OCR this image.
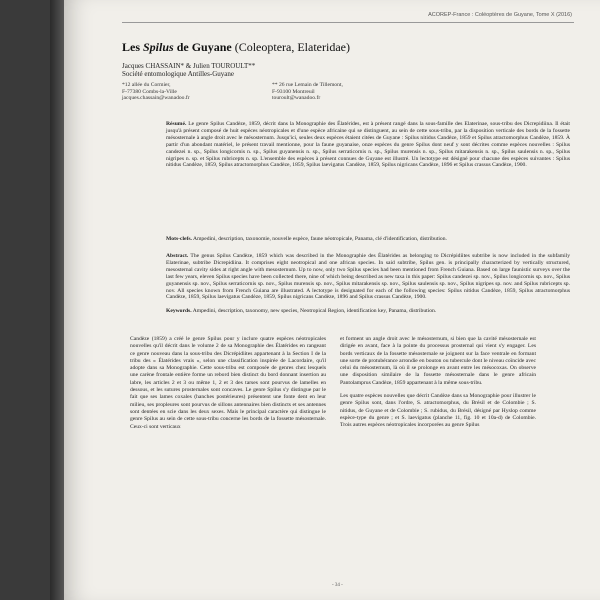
ACOREP-France : Coléoptères de Guyane, Tome X (2016)
Les Spilus de Guyane (Coleoptera, Elateridae)
Jacques CHASSAIN* & Julien TOUROULT**
Société entomologique Antilles-Guyane
*12 allée du Cormier,
F-77380 Combs-la-Ville
jacques.chassain@wanadoo.fr
** 26 rue Lemain de Tillemont,
F-93100 Montreuil
touroult@wanadoo.fr
Résumé. Le genre Spilus Candèze, 1859, décrit dans la Monographie des Élatérides, est à présent rangé dans la sous-famille des Elaterinae, sous-tribu des Dicrepidiina. Il était jusqu'à présent composé de huit espèces néotropicales et d'une espèce africaine qui se distinguent, au sein de cette sous-tribu, par la disposition verticale des bords de la fossette mésosternale à angle droit avec le mésosternum. Jusqu'ici, seules deux espèces étaient citées de Guyane : Spilus nitidus Candèze, 1859 et Spilus atractomorphus Candèze, 1859. À partir d'un abondant matériel, le présent travail mentionne, pour la faune guyanaise, onze espèces du genre Spilus dont neuf y sont décrites comme espèces nouvelles : Spilus candezei n. sp., Spilus longicornis n. sp., Spilus guyanensis n. sp., Spilus serraticornis n. sp., Spilus murensis n. sp., Spilus mitarakensis n. sp., Spilus saulensis n. sp., Spilus nigripes n. sp. et Spilus rubricepts n. sp. L'ensemble des espèces à présent connues de Guyane est illustré. Un lectotype est désigné pour chacune des espèces suivantes : Spilus nitidus Candèze, 1859, Spilus atractomorphus Candèze, 1859, Spilus laevigatus Candèze, 1859, Spilus nigricans Candèze, 1896 et Spilus crassus Candèze, 1900.
Mots-clefs. Ampedini, description, taxonomie, nouvelle espèce, faune néotropicale, Panama, clé d'identification, distribution.
Abstract. The genus Spilus Candèze, 1859 which was described in the Monographie des Élatérides as belonging to Dicrépidiites subtribe is now included in the subfamily Elaterinae, subtribe Dicrepidiina. It comprises eight neotropical and one african species. In said subtribe, Spilus gen. is principally characterized by vertically structured, mesosternal cavity sides at right angle with mesosternum. Up to now, only two Spilus species had been mentioned from French Guiana. Based on large faunistic surveys over the last few years, eleven Spilus species have been collected there, nine of which being described as new taxa in this paper: Spilus candezei sp. nov., Spilus longicornis sp. nov., Spilus guyanensis sp. nov., Spilus serraticornis sp. nov., Spilus murensis sp. nov., Spilus mitarakensis sp. nov., Spilus saulensis sp. nov., Spilus nigripes sp. nov. and Spilus rubricepts sp. nov. All species known from French Guiana are illustrated. A lectotype is designated for each of the following species: Spilus nitidus Candèze, 1859, Spilus atractomorphus Candèze, 1859, Spilus laevigatus Candèze, 1859, Spilus nigricans Candèze, 1896 and Spilus crassus Candèze, 1900.
Keywords. Ampedini, description, taxonomy, new species, Neotropical Region, identification key, Panama, distribution.
Candèze (1859) a créé le genre Spilus pour y inclure quatre espèces néotropicales nouvelles qu'il décrit dans le volume 2 de sa Monographie des Élatérides en rangeant ce genre nouveau dans la sous-tribu des Dicrépidiites appartenant à la Section I de la tribu des « Élatérides vrais », selon une classification inspirée de Lacordaire, qu'il adopte dans sa Monographie. Cette sous-tribu est composée de genres chez lesquels une carène frontale entière forme un rebord bien distinct du bord donnant insertion au labre, les articles 2 et 3 ou même 1, 2 et 3 des tarses sont pourvus de lamelles en dessous, et les sutures prosternales sont concaves. Le genre Spilus s'y distingue par le fait que ses lames coxales (hanches postérieures) présentent une fonte dent en leur milieu, ses propleures sont pourvus de sillons antennaires bien distincts et ses antennes sont dentées en scie dans les deux sexes. Mais le principal caractère qui distingue le genre Spilus au sein de cette sous-tribu concerne les bords de la fossette mésosternale. Ceux-ci sont verticaux
et forment un angle droit avec le mésosternum, si bien que la cavité mésosternale est dirigée en avant, face à la pointe du processus prosternal qui vient s'y engager. Les bords verticaux de la fossette mésosternale se joignent sur la face ventrale en formant une sorte de protubérance arrondie en bouton ou tubercule dont le niveau coïncide avec celui du mésosternum, là où il se prolonge en avant entre les mésocoxas. On observe une disposition similaire de la fossette mésosternale dans le genre africain Pantolamprus Candèze, 1859 appartenant à la même sous-tribu.
Les quatre espèces nouvelles que décrit Candèze dans sa Monographie pour illustrer le genre Spilus sont, dans l'ordre, S. atractomorphus, du Brésil et de Colombie ; S. nitidus, de Guyane et de Colombie ; S. rubidus, du Brésil, désigné par Hyslop comme espèce-type du genre ; et S. laevigatus (planche 11, fig. 10 et 10a-d) de Colombie. Trois autres espèces néotropicales incorporées au genre Spilus
- 34 -
